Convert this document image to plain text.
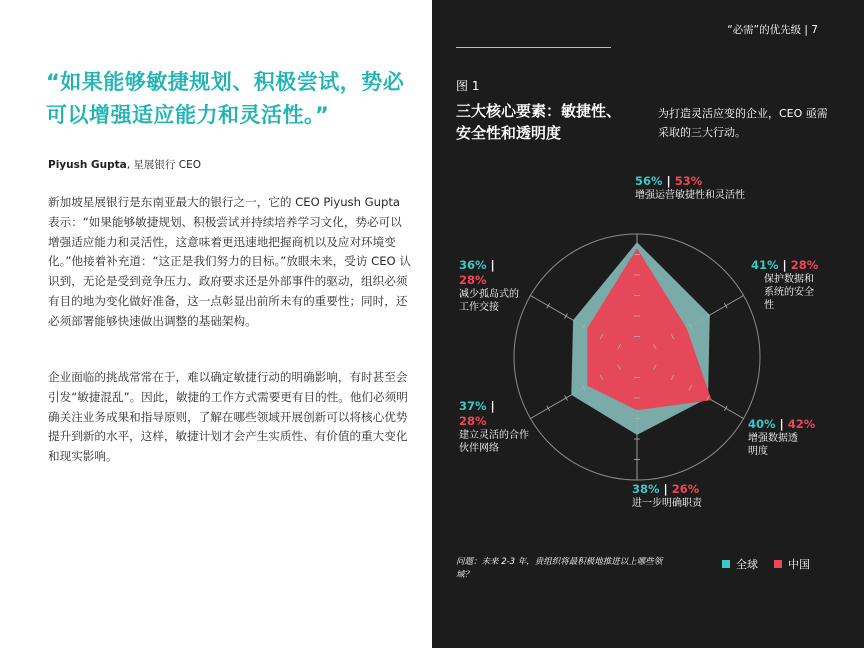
“如果能够敏捷规划、积极尝试，势必可以增强适应能力和灵活性。”
Piyush Gupta, 星展银行 CEO

新加坡星展银行是东南亚最大的银行之一，它的 CEO Piyush Gupta 表示：“如果能够敏捷规划、积极尝试并持续培养学习文化，势必可以增强适应能力和灵活性，这意味着更迅速地把握商机以及应对环境变化。”他接着补充道：“这正是我们努力的目标。”放眼未来，受访 CEO 认识到，无论是受到竞争压力、政府要求还是外部事件的驱动，组织必须有目的地为变化做好准备，这一点彰显出前所未有的重要性；同时，还必须部署能够快速做出调整的基础架构。

企业面临的挑战常常在于，难以确定敏捷行动的明确影响，有时甚至会引发“敏捷混乱”。因此，敏捷的工作方式需要更有目的性。他们必须明确关注业务成果和指导原则，了解在哪些领域开展创新可以将核心优势提升到新的水平，这样，敏捷计划才会产生实质性、有价值的重大变化和现实影响。

“必需”的优先级 | 7
图 1
三大核心要素：敏捷性、安全性和透明度
为打造灵活应变的企业，CEO 亟需采取的三大行动。
56% | 53%
增强运营敏捷性和灵活性
41% | 28%
保护数据和系统的安全性
40% | 42%
增强数据透明度
38% | 26%
进一步明确职责
37% |
28%
建立灵活的合作伙伴网络
36% |
28%
减少孤岛式的工作交接
问题：未来 2-3 年，贵组织将最积极地推进以上哪些领域？
全球	中国
